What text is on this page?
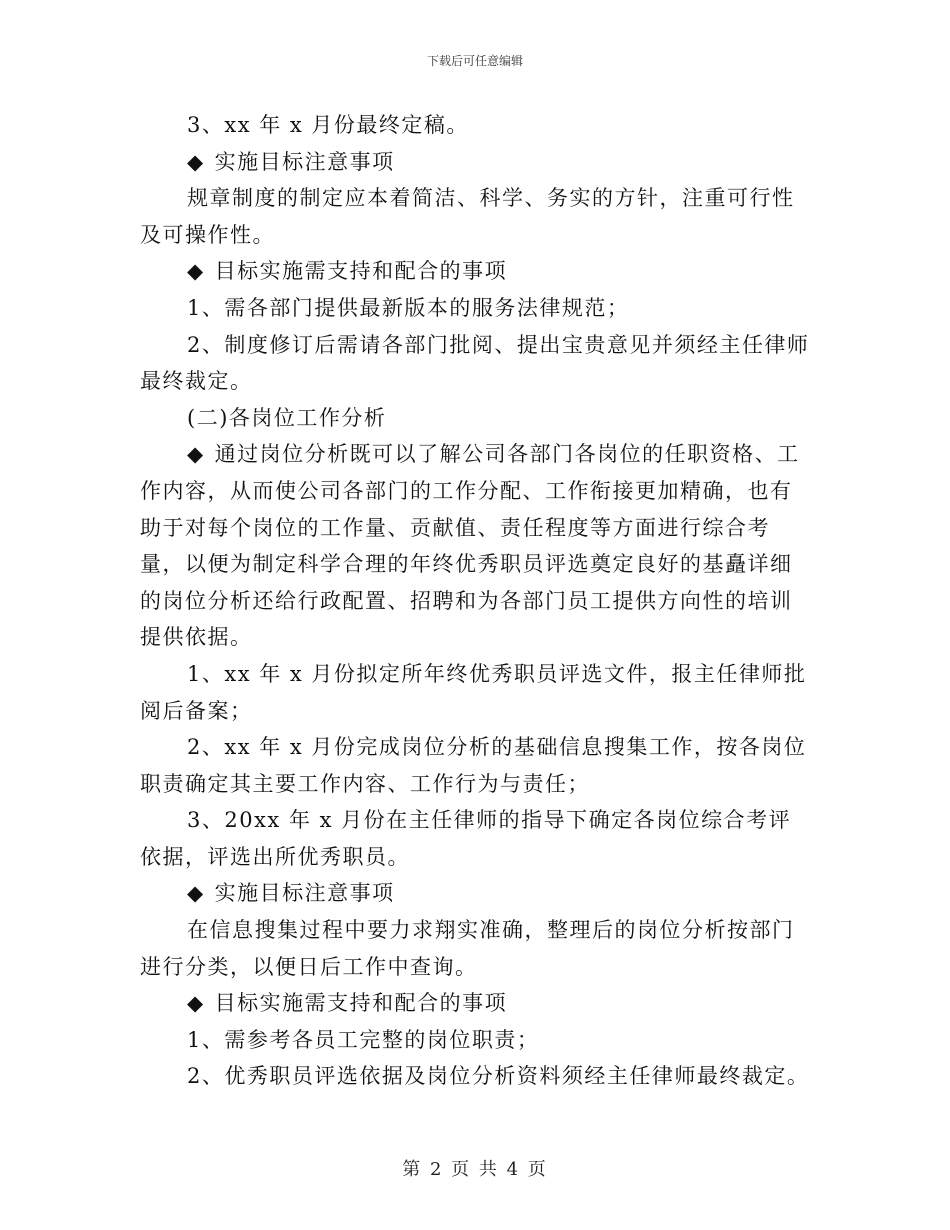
下载后可任意编辑

3、xx 年 x 月份最终定稿。

◆ 实施目标注意事项

规章制度的制定应本着简洁、科学、务实的方针，注重可行性及可操作性。

◆ 目标实施需支持和配合的事项

1、需各部门提供最新版本的服务法律规范；

2、制度修订后需请各部门批阅、提出宝贵意见并须经主任律师最终裁定。

(二)各岗位工作分析

◆ 通过岗位分析既可以了解公司各部门各岗位的任职资格、工作内容，从而使公司各部门的工作分配、工作衔接更加精确，也有助于对每个岗位的工作量、贡献值、责任程度等方面进行综合考量，以便为制定科学合理的年终优秀职员评选奠定良好的基矗详细的岗位分析还给行政配置、招聘和为各部门员工提供方向性的培训提供依据。

1、xx 年 x 月份拟定所年终优秀职员评选文件，报主任律师批阅后备案；

2、xx 年 x 月份完成岗位分析的基础信息搜集工作，按各岗位职责确定其主要工作内容、工作行为与责任；

3、20xx 年 x 月份在主任律师的指导下确定各岗位综合考评依据，评选出所优秀职员。

◆ 实施目标注意事项

在信息搜集过程中要力求翔实准确，整理后的岗位分析按部门进行分类，以便日后工作中查询。

◆ 目标实施需支持和配合的事项

1、需参考各员工完整的岗位职责；

2、优秀职员评选依据及岗位分析资料须经主任律师最终裁定。

第 2 页 共 4 页
